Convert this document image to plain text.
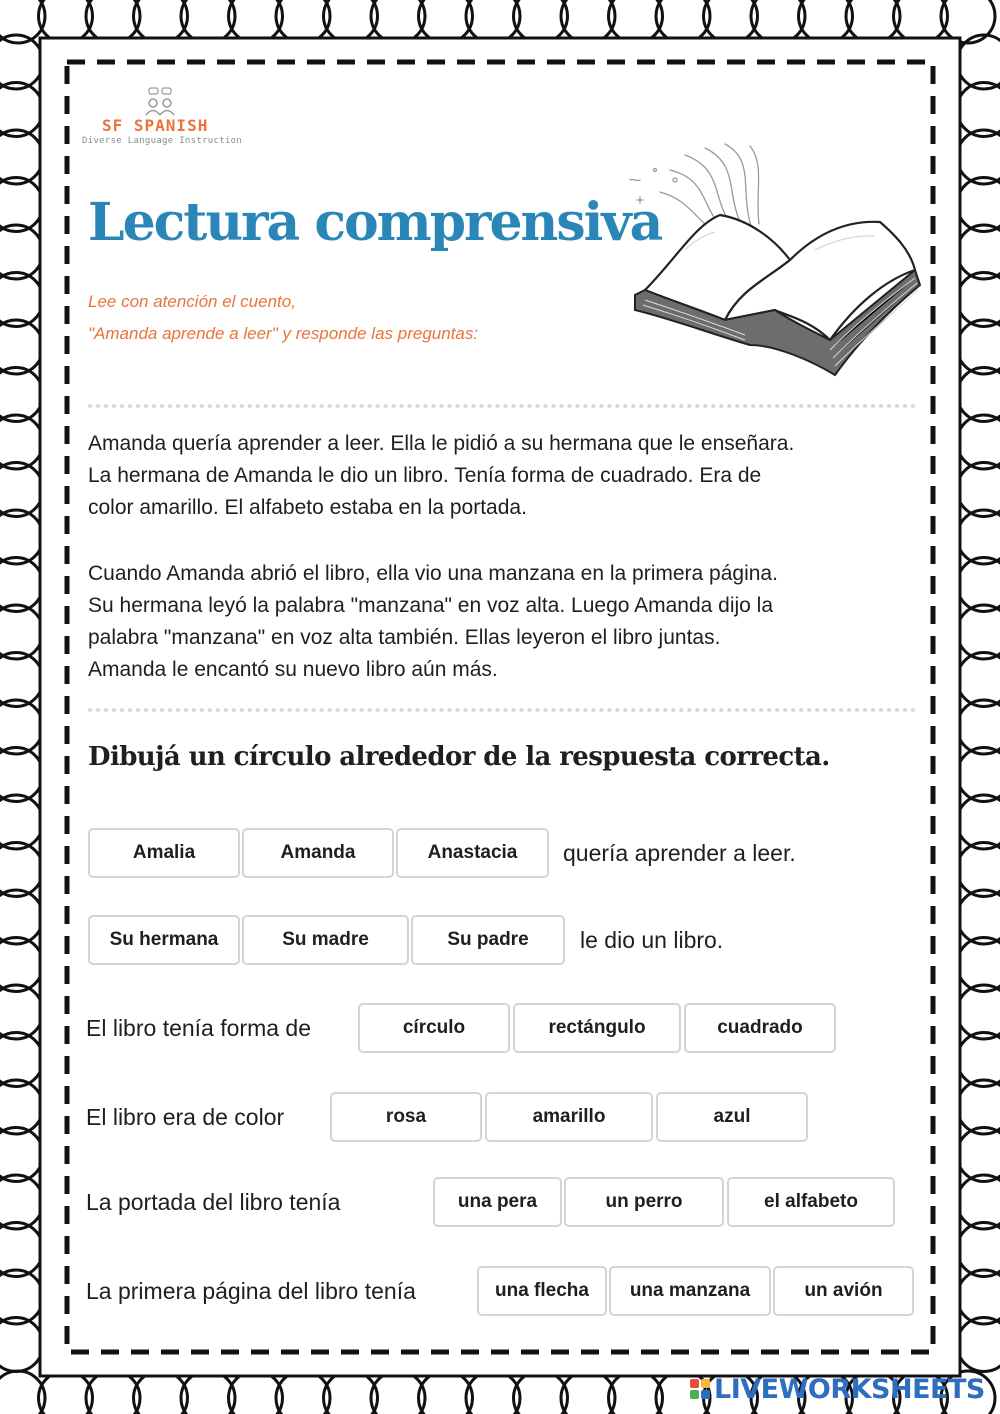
SF SPANISH
Diverse Language Instruction
Lectura comprensiva
Lee con atención el cuento,
"Amanda aprende a leer" y responde las preguntas:
Amanda quería aprender a leer. Ella le pidió a su hermana que le enseñara.
La hermana de Amanda le dio un libro. Tenía forma de cuadrado. Era de
color amarillo. El alfabeto estaba en la portada.
Cuando Amanda abrió el libro, ella vio una manzana en la primera página.
Su hermana leyó la palabra "manzana" en voz alta. Luego Amanda dijo la
palabra "manzana" en voz alta también. Ellas leyeron el libro juntas.
Amanda le encantó su nuevo libro aún más.
Dibujá un círculo alrededor de la respuesta correcta.
Amalia	Amanda	Anastacia	quería aprender a leer.
Su hermana	Su madre	Su padre	le dio un libro.
El libro tenía forma de	círculo	rectángulo	cuadrado
El libro era de color	rosa	amarillo	azul
La portada del libro tenía	una pera	un perro	el alfabeto
La primera página del libro tenía	una flecha	una manzana	un avión
LIVEWORKSHEETS
